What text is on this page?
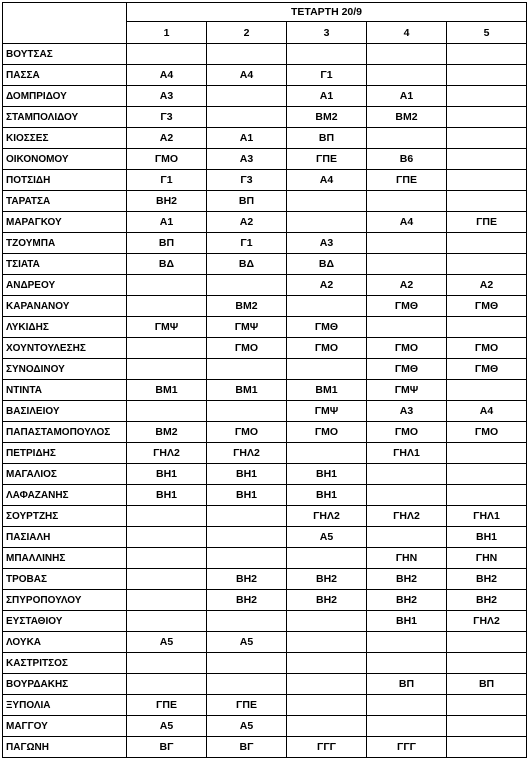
	ΤΕΤΑΡΤΗ 20/9				
	1	2	3	4	5
ΒΟΥΤΣΑΣ					
ΠΑΣΣΑ	Α4	Α4	Γ1		
ΔΟΜΠΡΙΔΟΥ	Α3		Α1	Α1	
ΣΤΑΜΠΟΛΙΔΟΥ	Γ3		ΒΜ2	ΒΜ2	
ΚΙΟΣΣΕΣ	Α2	Α1	ΒΠ		
ΟΙΚΟΝΟΜΟΥ	ΓΜΟ	Α3	ΓΠΕ	Β6	
ΠΟΤΣΙΔΗ	Γ1	Γ3	Α4	ΓΠΕ	
ΤΑΡΑΤΣΑ	ΒΗ2	ΒΠ			
ΜΑΡΑΓΚΟΥ	Α1	Α2		Α4	ΓΠΕ
ΤΖΟΥΜΠΑ	ΒΠ	Γ1	Α3		
ΤΣΙΑΤΑ	ΒΔ	ΒΔ	ΒΔ		
ΑΝΔΡΕΟΥ			Α2	Α2	Α2
ΚΑΡΑΝΑΝΟΥ		ΒΜ2		ΓΜΘ	ΓΜΘ
ΛΥΚΙΔΗΣ	ΓΜΨ	ΓΜΨ	ΓΜΘ		
ΧΟΥΝΤΟΥΛΕΣΗΣ		ΓΜΟ	ΓΜΟ	ΓΜΟ	ΓΜΟ
ΣΥΝΟΔΙΝΟΥ				ΓΜΘ	ΓΜΘ
ΝΤΙΝΤΑ	ΒΜ1	ΒΜ1	ΒΜ1	ΓΜΨ	
ΒΑΣΙΛΕΙΟΥ			ΓΜΨ	Α3	Α4
ΠΑΠΑΣΤΑΜΟΠΟΥΛΟΣ	ΒΜ2	ΓΜΟ	ΓΜΟ	ΓΜΟ	ΓΜΟ
ΠΕΤΡΙΔΗΣ	ΓΗΛ2	ΓΗΛ2		ΓΗΛ1	
ΜΑΓΑΛΙΟΣ	ΒΗ1	ΒΗ1	ΒΗ1		
ΛΑΦΑΖΑΝΗΣ	ΒΗ1	ΒΗ1	ΒΗ1		
ΣΟΥΡΤΖΗΣ			ΓΗΛ2	ΓΗΛ2	ΓΗΛ1
ΠΑΣΙΑΛΗ			Α5		ΒΗ1
ΜΠΑΛΛΙΝΗΣ				ΓΗΝ	ΓΗΝ
ΤΡΟΒΑΣ		ΒΗ2	ΒΗ2	ΒΗ2	ΒΗ2
ΣΠΥΡΟΠΟΥΛΟΥ		ΒΗ2	ΒΗ2	ΒΗ2	ΒΗ2
ΕΥΣΤΑΘΙΟΥ				ΒΗ1	ΓΗΛ2
ΛΟΥΚΑ	Α5	Α5			
ΚΑΣΤΡΙΤΣΟΣ					
ΒΟΥΡΔΑΚΗΣ				ΒΠ	ΒΠ
ΞΥΠΟΛΙΑ	ΓΠΕ	ΓΠΕ			
ΜΑΓΓΟΥ	Α5	Α5			
ΠΑΓΩΝΗ	ΒΓ	ΒΓ	ΓΓΓ	ΓΓΓ	
